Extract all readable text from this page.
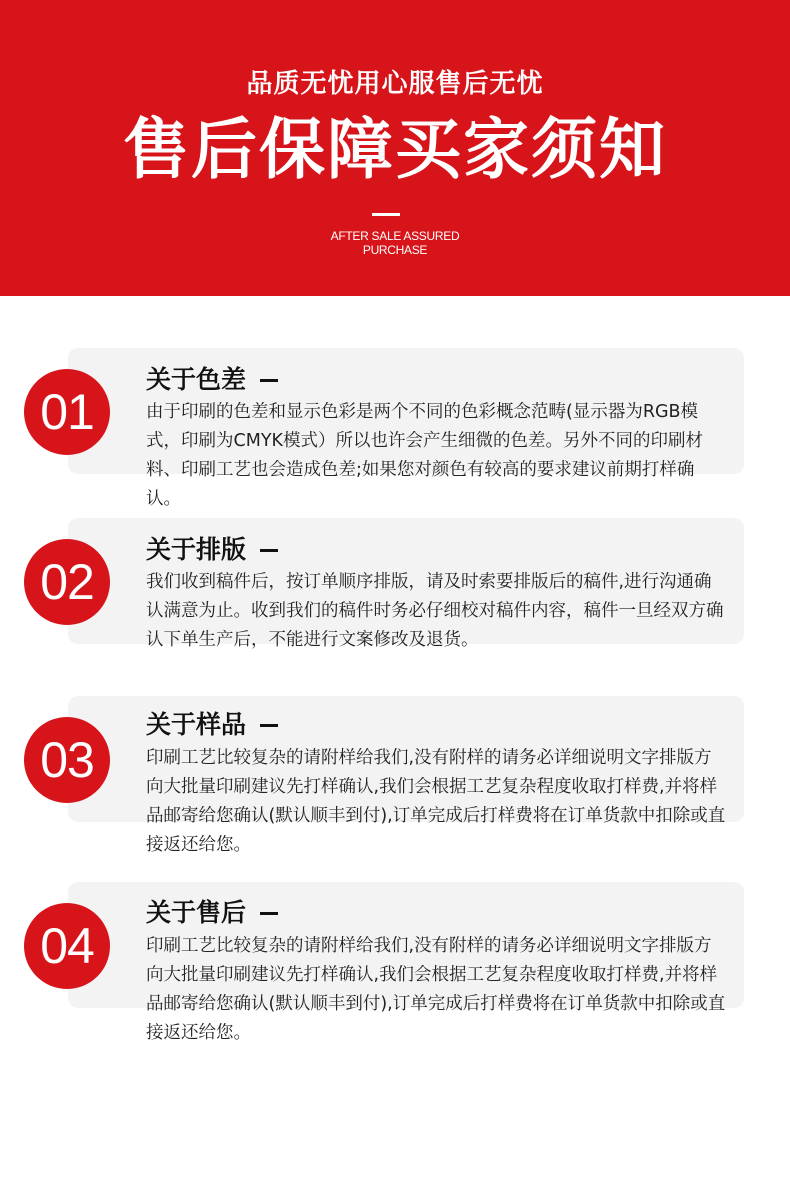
品质无忧用心服售后无忧
售后保障买家须知
AFTER SALE ASSURED
PURCHASE
01
关于色差
由于印刷的色差和显示色彩是两个不同的色彩概念范畴(显示器为RGB模式，印刷为CMYK模式）所以也许会产生细微的色差。另外不同的印刷材料、印刷工艺也会造成色差;如果您对颜色有较高的要求建议前期打样确认。
02
关于排版
我们收到稿件后，按订单顺序排版，请及时索要排版后的稿件,进行沟通确认满意为止。收到我们的稿件时务必仔细校对稿件内容，稿件一旦经双方确认下单生产后，不能进行文案修改及退货。
03
关于样品
印刷工艺比较复杂的请附样给我们,没有附样的请务必详细说明文字排版方向大批量印刷建议先打样确认,我们会根据工艺复杂程度收取打样费,并将样品邮寄给您确认(默认顺丰到付),订单完成后打样费将在订单货款中扣除或直接返还给您。
04
关于售后
印刷工艺比较复杂的请附样给我们,没有附样的请务必详细说明文字排版方向大批量印刷建议先打样确认,我们会根据工艺复杂程度收取打样费,并将样品邮寄给您确认(默认顺丰到付),订单完成后打样费将在订单货款中扣除或直接返还给您。
